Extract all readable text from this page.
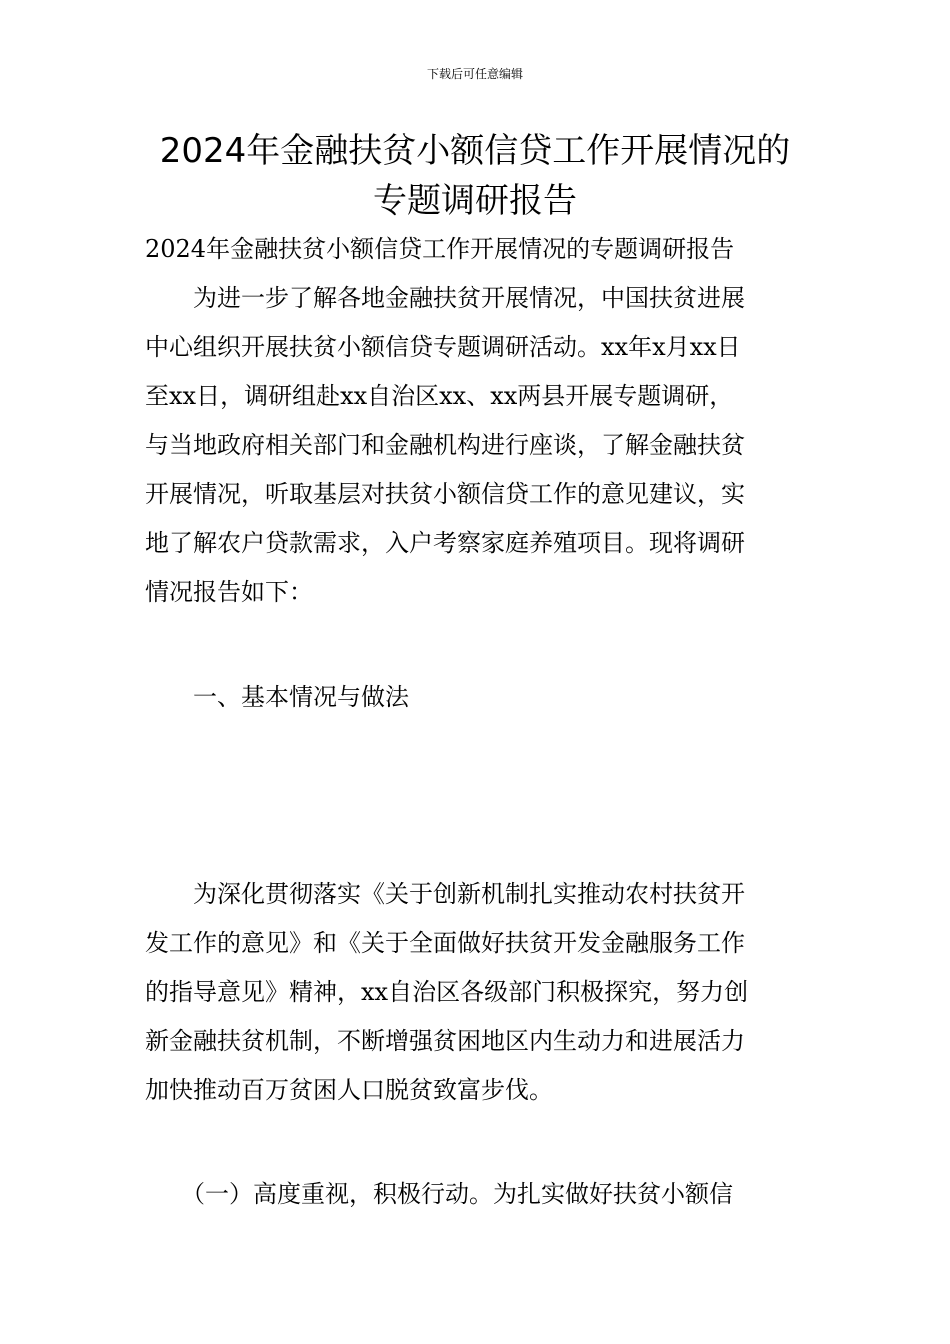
下载后可任意编辑
2024年金融扶贫小额信贷工作开展情况的
专题调研报告

2024年金融扶贫小额信贷工作开展情况的专题调研报告

　　为进一步了解各地金融扶贫开展情况，中国扶贫进展
中心组织开展扶贫小额信贷专题调研活动。xx年x月xx日
至xx日，调研组赴xx自治区xx、xx两县开展专题调研，
与当地政府相关部门和金融机构进行座谈，了解金融扶贫
开展情况，听取基层对扶贫小额信贷工作的意见建议，实
地了解农户贷款需求，入户考察家庭养殖项目。现将调研
情况报告如下：

　　一、基本情况与做法

　　为深化贯彻落实《关于创新机制扎实推动农村扶贫开
发工作的意见》和《关于全面做好扶贫开发金融服务工作
的指导意见》精神，xx自治区各级部门积极探究，努力创
新金融扶贫机制，不断增强贫困地区内生动力和进展活力
加快推动百万贫困人口脱贫致富步伐。

　　（一）高度重视，积极行动。为扎实做好扶贫小额信
